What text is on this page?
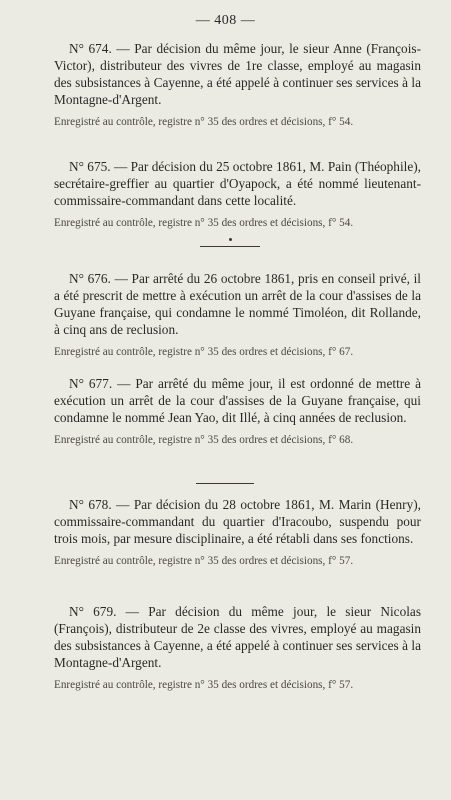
— 408 —

N° 674. — Par décision du même jour, le sieur Anne (François-Victor), distributeur des vivres de 1re classe, employé au magasin des subsistances à Cayenne, a été appelé à continuer ses services à la Montagne-d'Argent.

Enregistré au contrôle, registre n° 35 des ordres et décisions, f° 54.

N° 675. — Par décision du 25 octobre 1861, M. Pain (Théophile), secrétaire-greffier au quartier d'Oyapock, a été nommé lieutenant-commissaire-commandant dans cette localité.

Enregistré au contrôle, registre n° 35 des ordres et décisions, f° 54.

N° 676. — Par arrêté du 26 octobre 1861, pris en conseil privé, il a été prescrit de mettre à exécution un arrêt de la cour d'assises de la Guyane française, qui condamne le nommé Timoléon, dit Rollande, à cinq ans de reclusion.

Enregistré au contrôle, registre n° 35 des ordres et décisions, f° 67.

N° 677. — Par arrêté du même jour, il est ordonné de mettre à exécution un arrêt de la cour d'assises de la Guyane française, qui condamne le nommé Jean Yao, dit Illé, à cinq années de reclusion.

Enregistré au contrôle, registre n° 35 des ordres et décisions, f° 68.

N° 678. — Par décision du 28 octobre 1861, M. Marin (Henry), commissaire-commandant du quartier d'Iracoubo, suspendu pour trois mois, par mesure disciplinaire, a été rétabli dans ses fonctions.

Enregistré au contrôle, registre n° 35 des ordres et décisions, f° 57.

N° 679. — Par décision du même jour, le sieur Nicolas (François), distributeur de 2e classe des vivres, employé au magasin des subsistances à Cayenne, a été appelé à continuer ses services à la Montagne-d'Argent.

Enregistré au contrôle, registre n° 35 des ordres et décisions, f° 57.
